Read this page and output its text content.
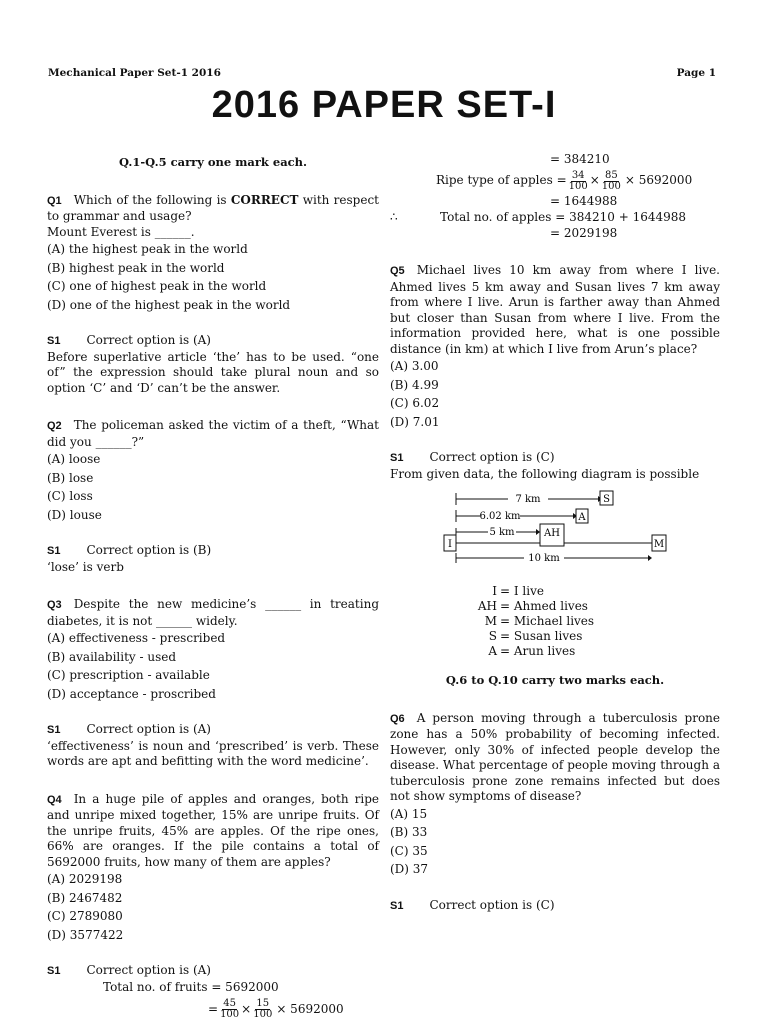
Mechanical Paper Set-1 2016	Page 1
2016 PAPER SET-I
Q.1-Q.5 carry one mark each.
Q1 Which of the following is CORRECT with respect to grammar and usage?
Mount Everest is ______.
(A) the highest peak in the world
(B) highest peak in the world
(C) one of highest peak in the world
(D) one of the highest peak in the world
S1 Correct option is (A)
Before superlative article ‘the’ has to be used. “one of” the expression should take plural noun and so option ‘C’ and ‘D’ can’t be the answer.
Q2 The policeman asked the victim of a theft, “What did you ______?”
(A) loose
(B) lose
(C) loss
(D) louse
S1 Correct option is (B)
‘lose’ is verb
Q3 Despite the new medicine’s ______ in treating diabetes, it is not ______ widely.
(A) effectiveness - prescribed
(B) availability - used
(C) prescription - available
(D) acceptance - proscribed
S1 Correct option is (A)
‘effectiveness’ is noun and ‘prescribed’ is verb. These words are apt and befitting with the word medicine’.
Q4 In a huge pile of apples and oranges, both ripe and unripe mixed together, 15% are unripe fruits. Of the unripe fruits, 45% are apples. Of the ripe ones, 66% are oranges. If the pile contains a total of 5692000 fruits, how many of them are apples?
(A) 2029198
(B) 2467482
(C) 2789080
(D) 3577422
S1 Correct option is (A)
Total no. of fruits = 5692000
= $\frac{45}{100} \times \frac{15}{100} \times 5692000$
= 384210
Ripe type of apples = $\frac{34}{100} \times \frac{85}{100} \times 5692000$
= 1644988
∴	Total no. of apples = 384210 + 1644988
= 2029198
Q5 Michael lives 10 km away from where I live. Ahmed lives 5 km away and Susan lives 7 km away from where I live. Arun is farther away than Ahmed but closer than Susan from where I live. From the information provided here, what is one possible distance (in km) at which I live from Arun’s place?
(A) 3.00
(B) 4.99
(C) 6.02
(D) 7.01
S1 Correct option is (C)
From given data, the following diagram is possible
7 km	S
6.02 km	A
5 km	AH
I	M
10 km
I = I live
AH = Ahmed lives
M = Michael lives
S = Susan lives
A = Arun lives
Q.6 to Q.10 carry two marks each.
Q6 A person moving through a tuberculosis prone zone has a 50% probability of becoming infected. However, only 30% of infected people develop the disease. What percentage of people moving through a tuberculosis prone zone remains infected but does not show symptoms of disease?
(A) 15
(B) 33
(C) 35
(D) 37
S1 Correct option is (C)
